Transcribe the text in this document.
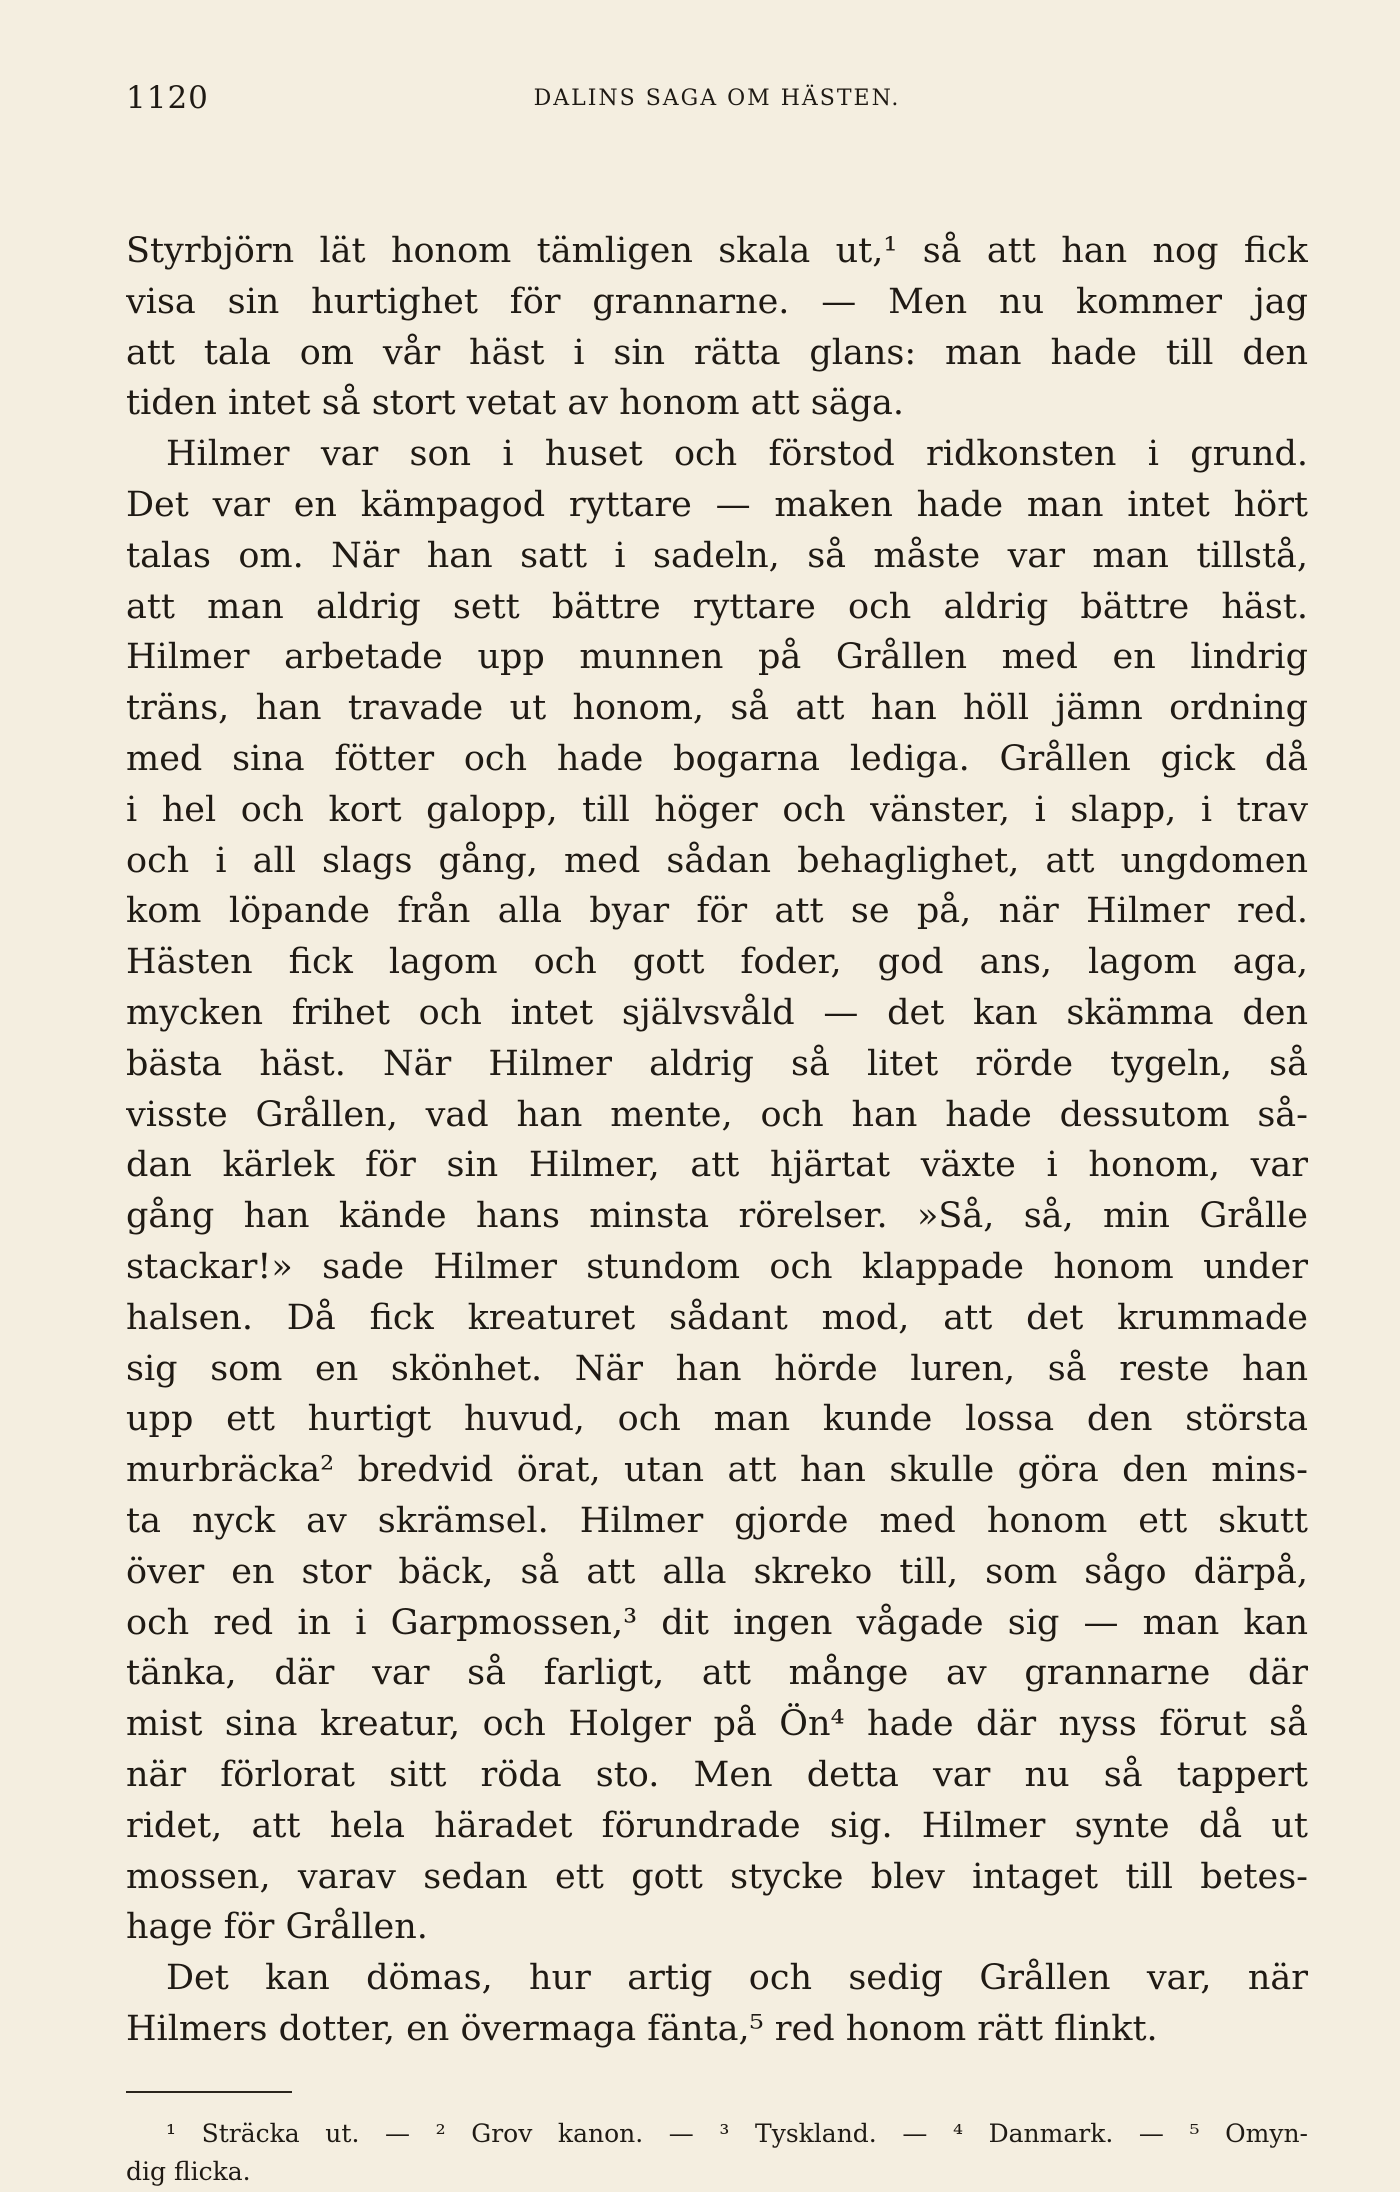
1120	DALINS SAGA OM HÄSTEN.
Styrbjörn lät honom tämligen skala ut,¹ så att han nog fick
visa sin hurtighet för grannarne. — Men nu kommer jag
att tala om vår häst i sin rätta glans: man hade till den
tiden intet så stort vetat av honom att säga.
Hilmer var son i huset och förstod ridkonsten i grund.
Det var en kämpagod ryttare — maken hade man intet hört
talas om. När han satt i sadeln, så måste var man tillstå,
att man aldrig sett bättre ryttare och aldrig bättre häst.
Hilmer arbetade upp munnen på Grållen med en lindrig
träns, han travade ut honom, så att han höll jämn ordning
med sina fötter och hade bogarna lediga. Grållen gick då
i hel och kort galopp, till höger och vänster, i slapp, i trav
och i all slags gång, med sådan behaglighet, att ungdomen
kom löpande från alla byar för att se på, när Hilmer red.
Hästen fick lagom och gott foder, god ans, lagom aga,
mycken frihet och intet självsvåld — det kan skämma den
bästa häst. När Hilmer aldrig så litet rörde tygeln, så
visste Grållen, vad han mente, och han hade dessutom så-
dan kärlek för sin Hilmer, att hjärtat växte i honom, var
gång han kände hans minsta rörelser. »Så, så, min Grålle
stackar!» sade Hilmer stundom och klappade honom under
halsen. Då fick kreaturet sådant mod, att det krummade
sig som en skönhet. När han hörde luren, så reste han
upp ett hurtigt huvud, och man kunde lossa den största
murbräcka² bredvid örat, utan att han skulle göra den mins-
ta nyck av skrämsel. Hilmer gjorde med honom ett skutt
över en stor bäck, så att alla skreko till, som sågo därpå,
och red in i Garpmossen,³ dit ingen vågade sig — man kan
tänka, där var så farligt, att månge av grannarne där
mist sina kreatur, och Holger på Ön⁴ hade där nyss förut så
när förlorat sitt röda sto. Men detta var nu så tappert
ridet, att hela häradet förundrade sig. Hilmer synte då ut
mossen, varav sedan ett gott stycke blev intaget till betes-
hage för Grållen.
Det kan dömas, hur artig och sedig Grållen var, när
Hilmers dotter, en övermaga fänta,⁵ red honom rätt flinkt.
¹ Sträcka ut. — ² Grov kanon. — ³ Tyskland. — ⁴ Danmark. — ⁵ Omyn-
dig flicka.
